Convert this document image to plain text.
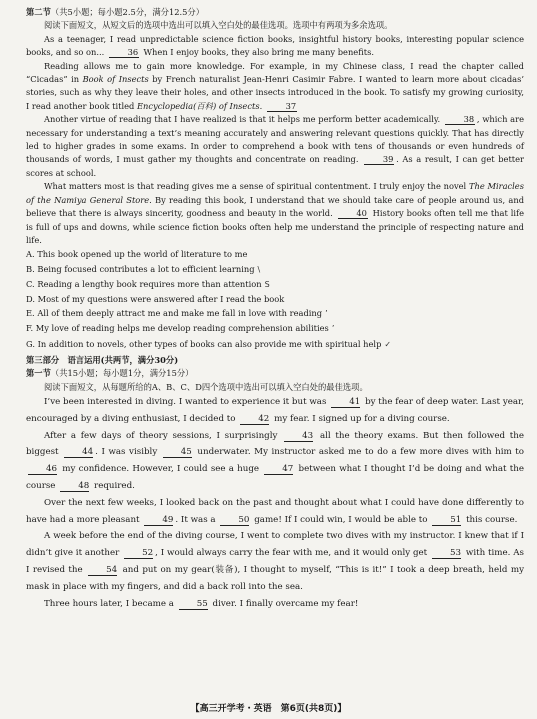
第二节（共5小题；每小题2.5分，满分12.5分）

阅读下面短文，从短文后的选项中选出可以填入空白处的最佳选项。选项中有两项为多余选项。

As a teenager, I read unpredictable science fiction books, insightful history books, interesting popular science books, and so on...	36 When I enjoy books, they also bring me many benefits.

Reading allows me to gain more knowledge. For example, in my Chinese class, I read the chapter called “Cicadas” in Book of Insects by French naturalist Jean-Henri Casimir Fabre. I wanted to learn more about cicadas’ stories, such as why they leave their holes, and other insects introduced in the book. To satisfy my growing curiosity, I read another book titled Encyclopedia(百科) of Insects.	37

Another virtue of reading that I have realized is that it helps me perform better academically.	38 , which are necessary for understanding a text’s meaning accurately and answering relevant questions quickly. That has directly led to higher grades in some exams. In order to comprehend a book with tens of thousands or even hundreds of thousands of words, I must gather my thoughts and concentrate on reading.	39 . As a result, I can get better scores at school.

What matters most is that reading gives me a sense of spiritual contentment. I truly enjoy the novel The Miracles of the Namiya General Store. By reading this book, I understand that we should take care of people around us, and believe that there is always sincerity, goodness and beauty in the world.	40 History books often tell me that life is full of ups and downs, while science fiction books often help me understand the principle of respecting nature and life.

A. This book opened up the world of literature to me

B. Being focused contributes a lot to efficient learning \

C. Reading a lengthy book requires more than attention S

D. Most of my questions were answered after I read the book

E. All of them deeply attract me and make me fall in love with reading ’

F. My love of reading helps me develop reading comprehension abilities ’

G. In addition to novels, other types of books can also provide me with spiritual help ✓

第三部分　语言运用(共两节，满分30分)

第一节（共15小题；每小题1分，满分15分）

阅读下面短文，从每题所给的A、B、C、D四个选项中选出可以填入空白处的最佳选项。

I’ve been interested in diving. I wanted to experience it but was	41 by the fear of deep water. Last year, encouraged by a diving enthusiast, I decided to	42 my fear. I signed up for a diving course.

After a few days of theory sessions, I surprisingly	43 all the theory exams. But then followed the biggest	44 . I was visibly	45 underwater. My instructor asked me to do a few more dives with him to 46 my confidence. However, I could see a huge	47 between what I thought I’d be doing and what the course	48 required.

Over the next few weeks, I looked back on the past and thought about what I could have done differently to have had a more pleasant	49 . It was a	50 game! If I could win, I would be able to	51 this course.

A week before the end of the diving course, I went to complete two dives with my instructor. I knew that if I didn’t give it another	52 , I would always carry the fear with me, and it would only get	53 with time. As I revised the	54 and put on my gear(装备), I thought to myself, “This is it!” I took a deep breath, held my mask in place with my fingers, and did a back roll into the sea.

Three hours later, I became a	55 diver. I finally overcame my fear!

【高三开学考・英语　第6页(共8页)】
